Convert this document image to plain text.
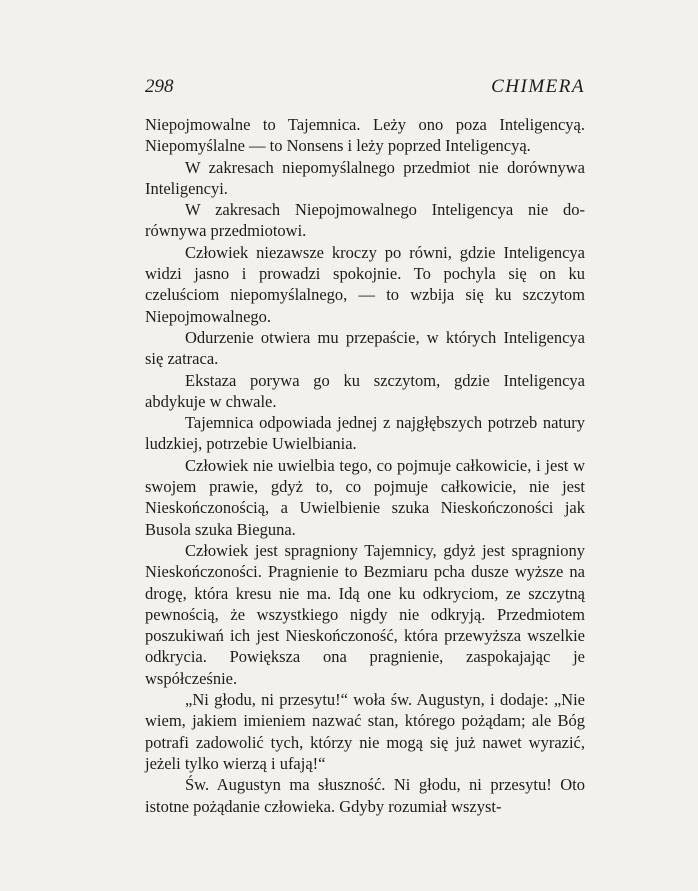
298	CHIMERA

Niepojmowalne to Tajemnica. Leży ono poza Inteligencyą. Niepomyślalne — to Nonsens i leży poprzed Inteligencyą.

W zakresach niepomyślalnego przedmiot nie dorównywa Inteligencyi.

W zakresach Niepojmowalnego Inteligencya nie dorównywa przedmiotowi.

Człowiek niezawsze kroczy po równi, gdzie Inteligencya widzi jasno i prowadzi spokojnie. To pochyla się on ku czeluściom niepomyślalnego, — to wzbija się ku szczytom Niepojmowalnego.

Odurzenie otwiera mu przepaście, w których Inteligencya się zatraca.

Ekstaza porywa go ku szczytom, gdzie Inteligencya abdykuje w chwale.

Tajemnica odpowiada jednej z najgłębszych potrzeb natury ludzkiej, potrzebie Uwielbiania.

Człowiek nie uwielbia tego, co pojmuje całkowicie, i jest w swojem prawie, gdyż to, co pojmuje całkowicie, nie jest Nieskończonością, a Uwielbienie szuka Nieskończoności jak Busola szuka Bieguna.

Człowiek jest spragniony Tajemnicy, gdyż jest spragniony Nieskończoności. Pragnienie to Bezmiaru pcha dusze wyższe na drogę, która kresu nie ma. Idą one ku odkryciom, ze szczytną pewnością, że wszystkiego nigdy nie odkryją. Przedmiotem poszukiwań ich jest Nieskończoność, która przewyższa wszelkie odkrycia. Powiększa ona pragnienie, zaspokajając je współcześnie.

„Ni głodu, ni przesytu!“ woła św. Augustyn, i dodaje: „Nie wiem, jakiem imieniem nazwać stan, którego pożądam; ale Bóg potrafi zadowolić tych, którzy nie mogą się już nawet wyrazić, jeżeli tylko wierzą i ufają!“

Św. Augustyn ma słuszność. Ni głodu, ni przesytu! Oto istotne pożądanie człowieka. Gdyby rozumiał wszyst-
